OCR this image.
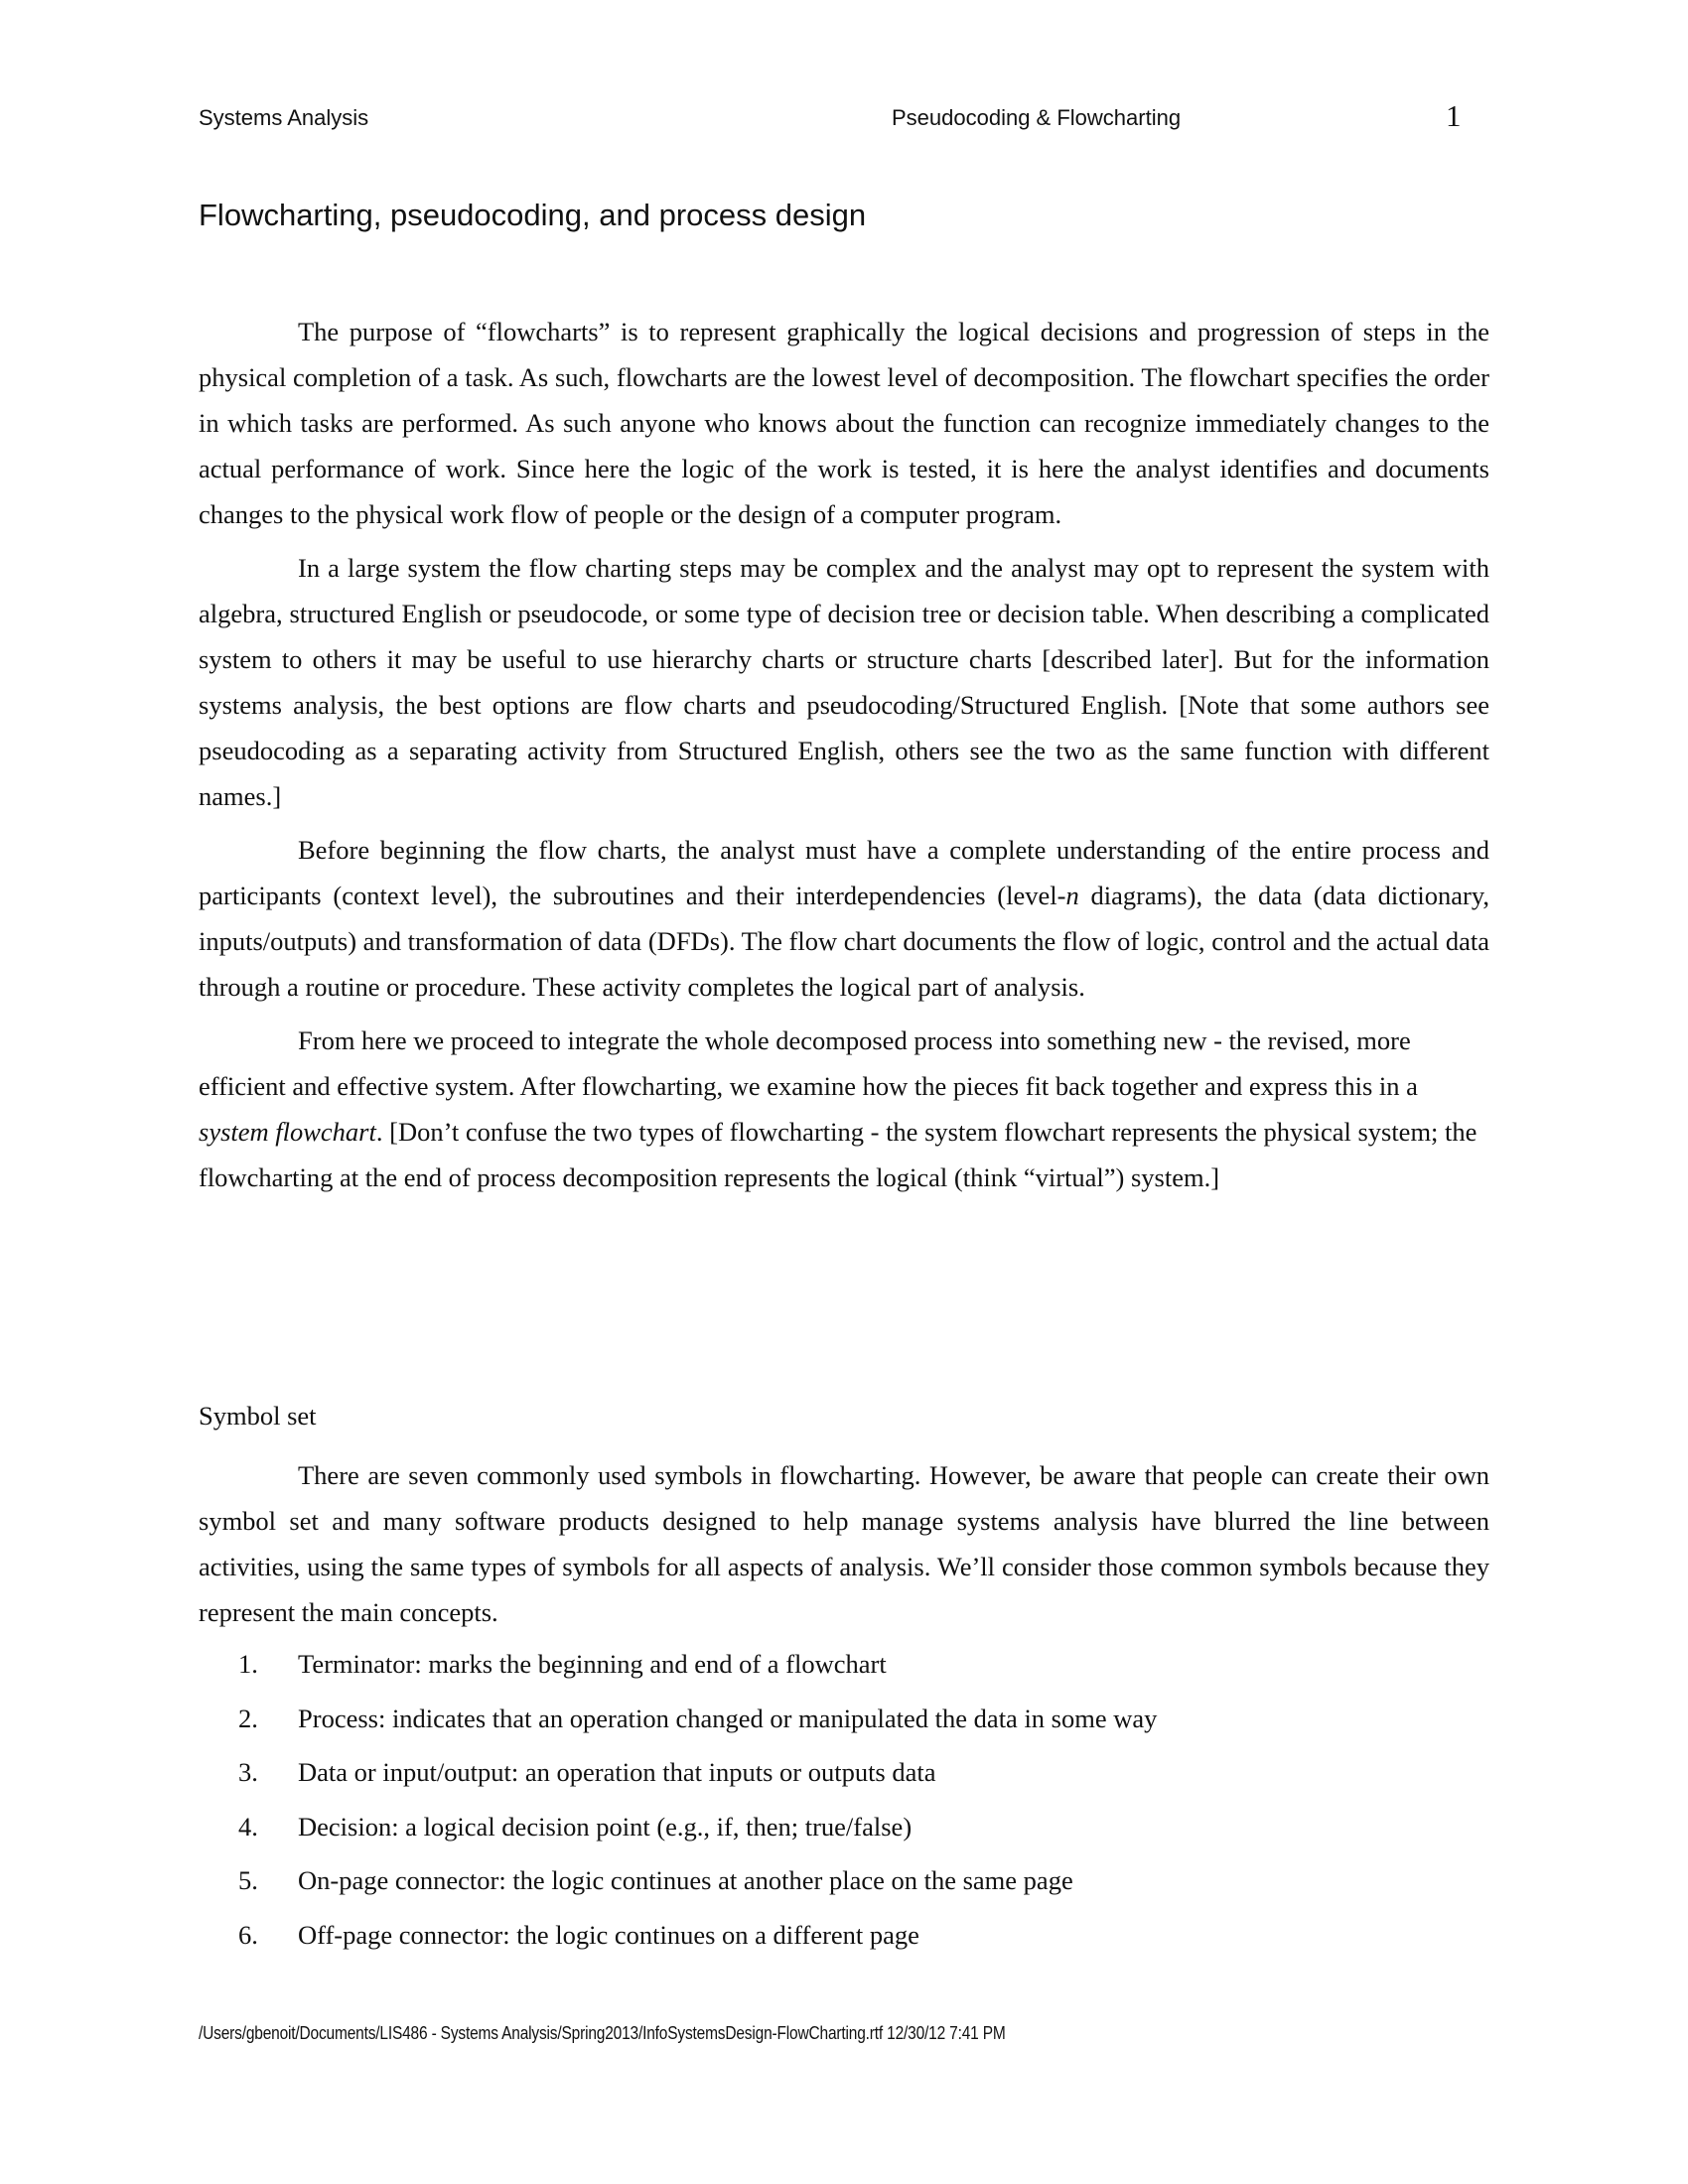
Systems Analysis	Pseudocoding & Flowcharting	1
Flowcharting, pseudocoding, and process design

The purpose of “flowcharts” is to represent graphically the logical decisions and progression of steps in the physical completion of a task. As such, flowcharts are the lowest level of decomposition. The flowchart specifies the order in which tasks are performed. As such anyone who knows about the function can recognize immediately changes to the actual performance of work. Since here the logic of the work is tested, it is here the analyst identifies and documents changes to the physical work flow of people or the design of a computer program.

In a large system the flow charting steps may be complex and the analyst may opt to represent the system with algebra, structured English or pseudocode, or some type of decision tree or decision table. When describing a complicated system to others it may be useful to use hierarchy charts or structure charts [described later]. But for the information systems analysis, the best options are flow charts and pseudocoding/Structured English. [Note that some authors see pseudocoding as a separating activity from Structured English, others see the two as the same function with different names.]

Before beginning the flow charts, the analyst must have a complete understanding of the entire process and participants (context level), the subroutines and their interdependencies (level-n diagrams), the data (data dictionary, inputs/outputs) and transformation of data (DFDs). The flow chart documents the flow of logic, control and the actual data through a routine or procedure. These activity completes the logical part of analysis.

From here we proceed to integrate the whole decomposed process into something new - the revised, more efficient and effective system. After flowcharting, we examine how the pieces fit back together and express this in a system flowchart. [Don’t confuse the two types of flowcharting - the system flowchart represents the physical system; the flowcharting at the end of process decomposition represents the logical (think “virtual”) system.]

Symbol set

There are seven commonly used symbols in flowcharting. However, be aware that people can create their own symbol set and many software products designed to help manage systems analysis have blurred the line between activities, using the same types of symbols for all aspects of analysis. We’ll consider those common symbols because they represent the main concepts.

1. Terminator: marks the beginning and end of a flowchart
2. Process: indicates that an operation changed or manipulated the data in some way
3. Data or input/output: an operation that inputs or outputs data
4. Decision: a logical decision point (e.g., if, then; true/false)
5. On-page connector: the logic continues at another place on the same page
6. Off-page connector: the logic continues on a different page
/Users/gbenoit/Documents/LIS486 - Systems Analysis/Spring2013/InfoSystemsDesign-FlowCharting.rtf 12/30/12 7:41 PM
